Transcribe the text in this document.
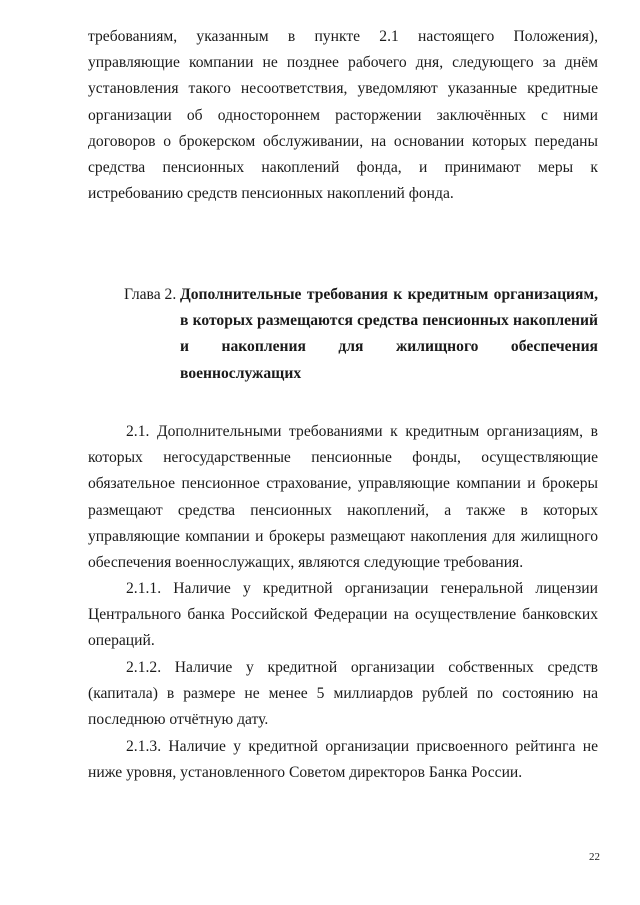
требованиям, указанным в пункте 2.1 настоящего Положения), управляющие компании не позднее рабочего дня, следующего за днём установления такого несоответствия, уведомляют указанные кредитные организации об одностороннем расторжении заключённых с ними договоров о брокерском обслуживании, на основании которых переданы средства пенсионных накоплений фонда, и принимают меры к истребованию средств пенсионных накоплений фонда.

Глава 2. Дополнительные требования к кредитным организациям, в которых размещаются средства пенсионных накоплений и накопления для жилищного обеспечения военнослужащих

2.1. Дополнительными требованиями к кредитным организациям, в которых негосударственные пенсионные фонды, осуществляющие обязательное пенсионное страхование, управляющие компании и брокеры размещают средства пенсионных накоплений, а также в которых управляющие компании и брокеры размещают накопления для жилищного обеспечения военнослужащих, являются следующие требования.

2.1.1. Наличие у кредитной организации генеральной лицензии Центрального банка Российской Федерации на осуществление банковских операций.

2.1.2. Наличие у кредитной организации собственных средств (капитала) в размере не менее 5 миллиардов рублей по состоянию на последнюю отчётную дату.

2.1.3. Наличие у кредитной организации присвоенного рейтинга не ниже уровня, установленного Советом директоров Банка России.

22
